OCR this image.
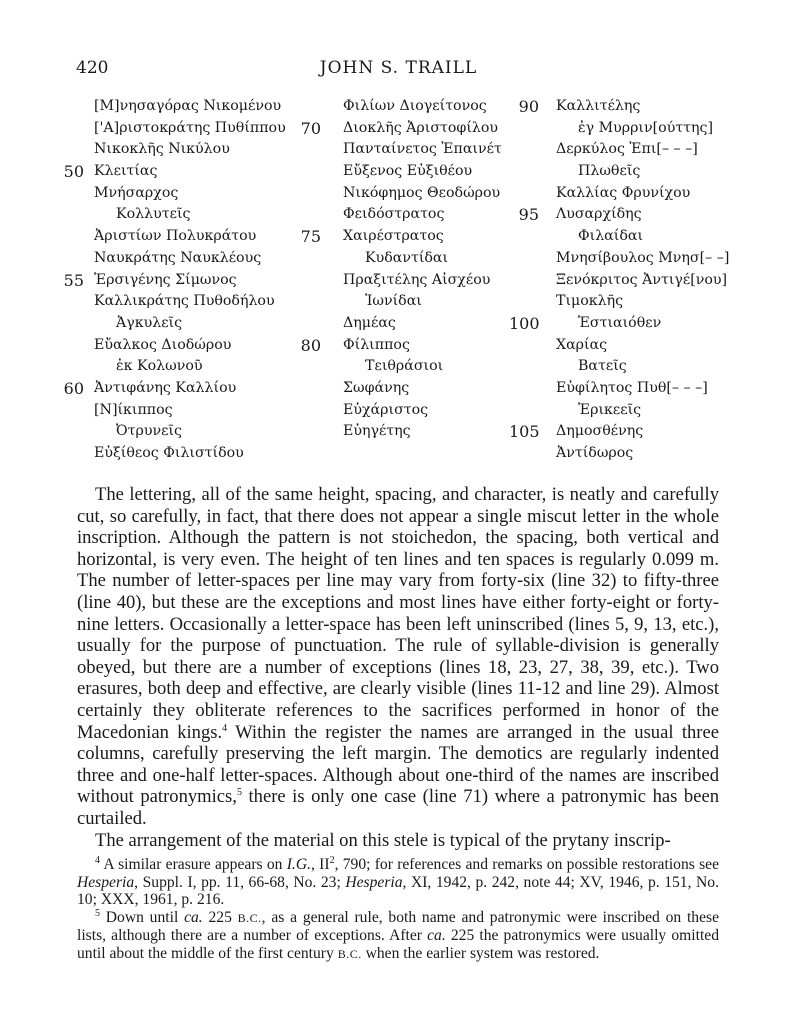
420	JOHN S. TRAILL
[Μ]νησαγόρας Νικομένου
['Α]ριστοκράτης Πυθίππου
Νικοκλῆς Νικύλου
50 Κλειτίας
Μνήσαρχος
Κολλυτεῖς
Ἀριστίων Πολυκράτου
Ναυκράτης Ναυκλέους
55 Ἐρσιγένης Σίμωνος
Καλλικράτης Πυθοδήλου
Ἀγκυλεῖς
Εὔαλκος Διοδώρου
ἐκ Κολωνοῦ
60 Ἀντιφάνης Καλλίου
[Ν]ίκιππος
Ὀτρυνεῖς
Εὐξίθεος Φιλιστίδου
Φιλίων Διογείτονος
70 Διοκλῆς Ἀριστοφίλου
Πανταίνετος Ἐπαινέτ
Εὔξενος Εὐξιθέου
Νικόφημος Θεοδώρου
Φειδόστρατος
75 Χαιρέστρατος
Κυδαντίδαι
Πραξιτέλης Αἰσχέου
Ἰωνίδαι
Δημέας
80 Φίλιππος
Τειθράσιοι
Σωφάνης
Εὐχάριστος
Εὐηγέτης
90 Καλλιτέλης
ἐγ Μυρριν[ούττης]
Δερκύλος Ἐπι[– – –]
Πλωθεῖς
Καλλίας Φρυνίχου
95 Λυσαρχίδης
Φιλαίδαι
Μνησίβουλος Μνησ[– –]
Ξενόκριτος Ἀντιγέ[νου]
Τιμοκλῆς
100	Ἑστιαιόθεν
Χαρίας
Βατεῖς
Εὐφίλητος Πυθ[– – –]
Ἐρικεεῖς
105 Δημοσθένης
Ἀντίδωρος

The lettering, all of the same height, spacing, and character, is neatly and carefully cut, so carefully, in fact, that there does not appear a single miscut letter in the whole inscription. Although the pattern is not stoichedon, the spacing, both vertical and horizontal, is very even. The height of ten lines and ten spaces is regularly 0.099 m. The number of letter-spaces per line may vary from forty-six (line 32) to fifty-three (line 40), but these are the exceptions and most lines have either forty-eight or forty-nine letters. Occasionally a letter-space has been left uninscribed (lines 5, 9, 13, etc.), usually for the purpose of punctuation. The rule of syllable-division is generally obeyed, but there are a number of exceptions (lines 18, 23, 27, 38, 39, etc.). Two erasures, both deep and effective, are clearly visible (lines 11-12 and line 29). Almost certainly they obliterate references to the sacrifices performed in honor of the Macedonian kings.$^4$ Within the register the names are arranged in the usual three columns, carefully preserving the left margin. The demotics are regularly indented three and one-half letter-spaces. Although about one-third of the names are inscribed without patronymics,$^5$ there is only one case (line 71) where a patronymic has been curtailed.

The arrangement of the material on this stele is typical of the prytany inscrip-

$^4$ A similar erasure appears on I.G., $II^2$, 790; for references and remarks on possible restorations see Hesperia, Suppl. I, pp. 11, 66-68, No. 23; Hesperia, XI, 1942, p. 242, note 44; XV, 1946, p. 151, No. 10; XXX, 1961, p. 216.

$^5$ Down until ca. 225 B.C., as a general rule, both name and patronymic were inscribed on these lists, although there are a number of exceptions. After ca. 225 the patronymics were usually omitted until about the middle of the first century B.C. when the earlier system was restored.
